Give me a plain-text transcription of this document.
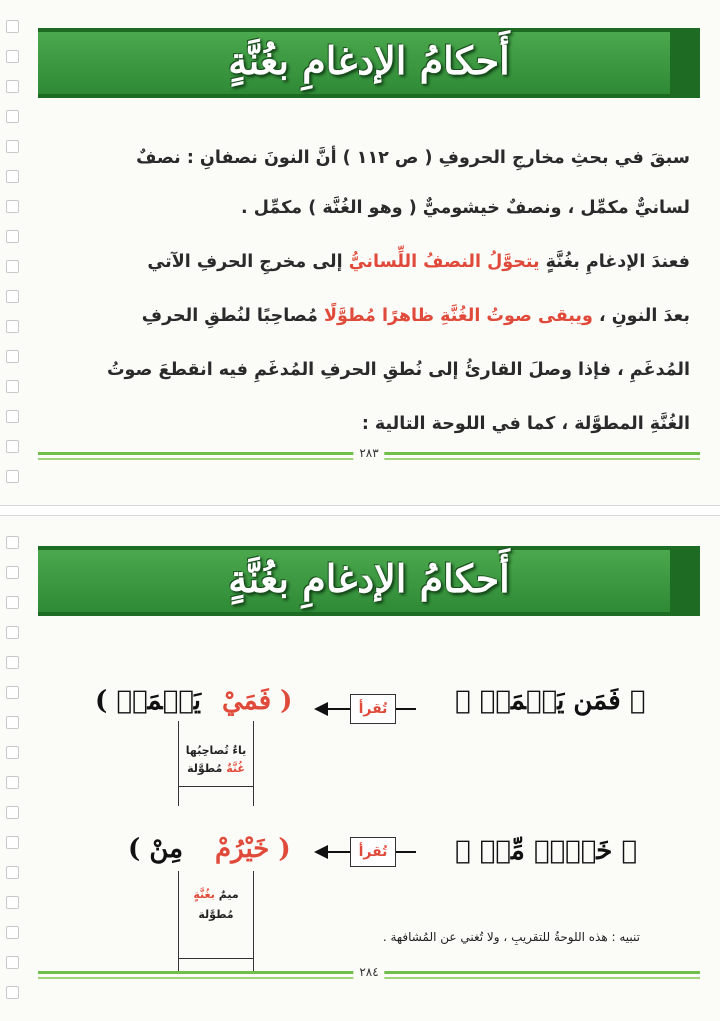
أَحكامُ الإدغامِ بغُنَّةٍ
سبقَ في بحثِ مخارجِ الحروفِ ( ص ١١٢ ) أنَّ النونَ نصفانِ : نصفٌ
لسانيٌّ مكمِّل ، ونصفٌ خيشوميٌّ ( وهو الغُنَّة ) مكمِّل .
فعندَ الإدغامِ بغُنَّةٍ يتحوَّلُ النصفُ اللِّسانيُّ إلى مخرجِ الحرفِ الآتي
بعدَ النونِ ، ويبقى صوتُ الغُنَّةِ ظاهرًا مُطوَّلًا مُصاحِبًا لنُطقِ الحرفِ
المُدغَمِ ، فإذا وصلَ القارئُ إلى نُطقِ الحرفِ المُدغَمِ فيه انقطعَ صوتُ
الغُنَّةِ المطوَّلة ، كما في اللوحة التالية :
٢٨٣
أَحكامُ الإدغامِ بغُنَّةٍ
﴿ فَمَن يَعۡمَلۡ ﴾
تُقرأ
( فَمَيْ
يَعۡمَلۡ )
ياءٌ تُصاحِبُها
غُنَّةٌ مُطوَّلة
﴿ خَيۡرٞ مِّنۡ ﴾
تُقرأ
( خَيْرُمْ
مِنْ )
ميمٌ بغُنَّةٍ
مُطوَّلة
تنبيه : هذه اللوحةُ للتقريبِ ، ولا تُغني عن المُشافهة .
٢٨٤
